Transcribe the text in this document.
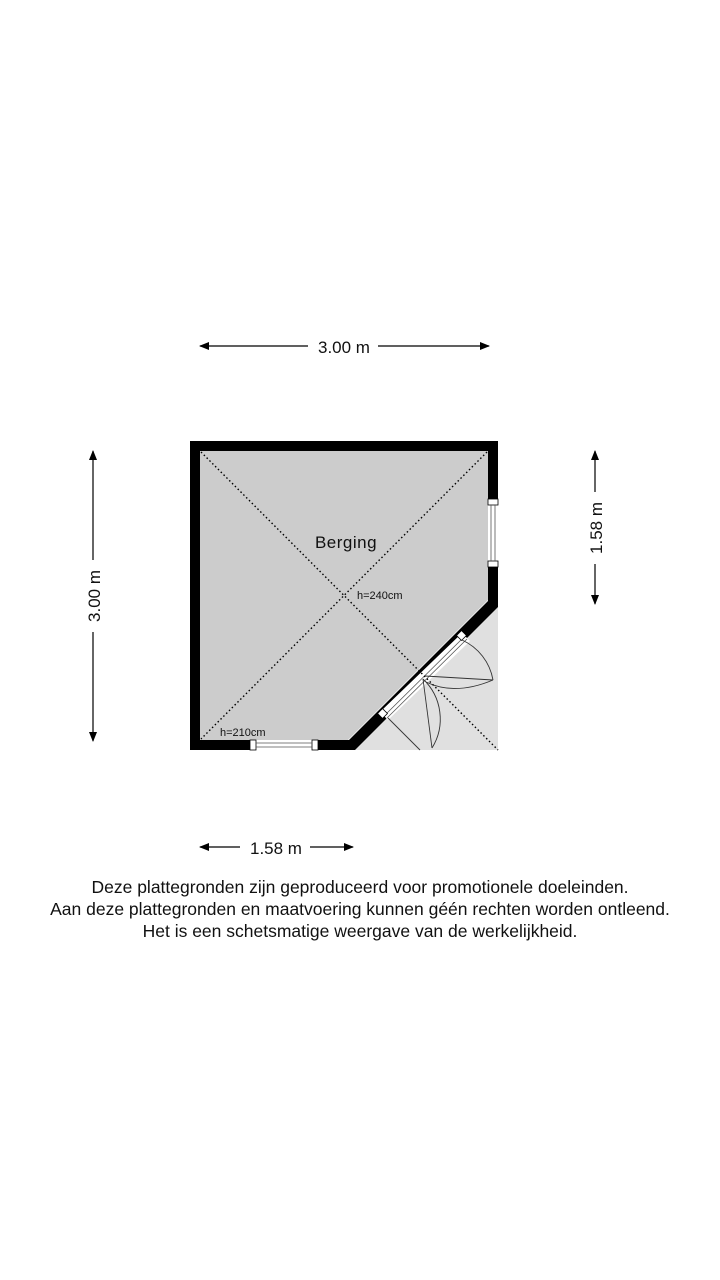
Berging
h=240cm
h=210cm
3.00 m
1.58 m
3.00 m
1.58 m
Deze plattegronden zijn geproduceerd voor promotionele doeleinden.
Aan deze plattegronden en maatvoering kunnen géén rechten worden ontleend.
Het is een schetsmatige weergave van de werkelijkheid.
